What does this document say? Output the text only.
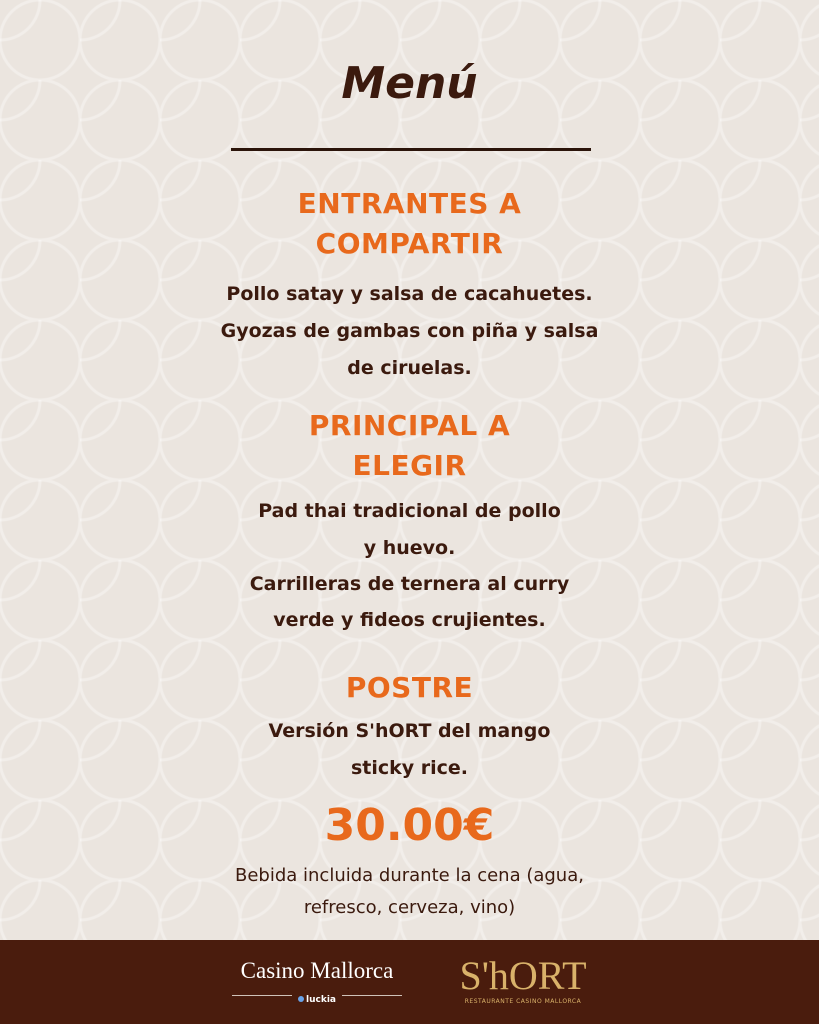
Menú
ENTRANTES A
COMPARTIR

Pollo satay y salsa de cacahuetes.

Gyozas de gambas con piña y salsa

de ciruelas.

PRINCIPAL A
ELEGIR

Pad thai tradicional de pollo

y huevo.

Carrilleras de ternera al curry

verde y fideos crujientes.

POSTRE

Versión S'hORT del mango

sticky rice.

30.00€

Bebida incluida durante la cena (agua,
refresco, cerveza, vino)

Casino Mallorca
luckia
S'hORT
RESTAURANTE CASINO MALLORCA
